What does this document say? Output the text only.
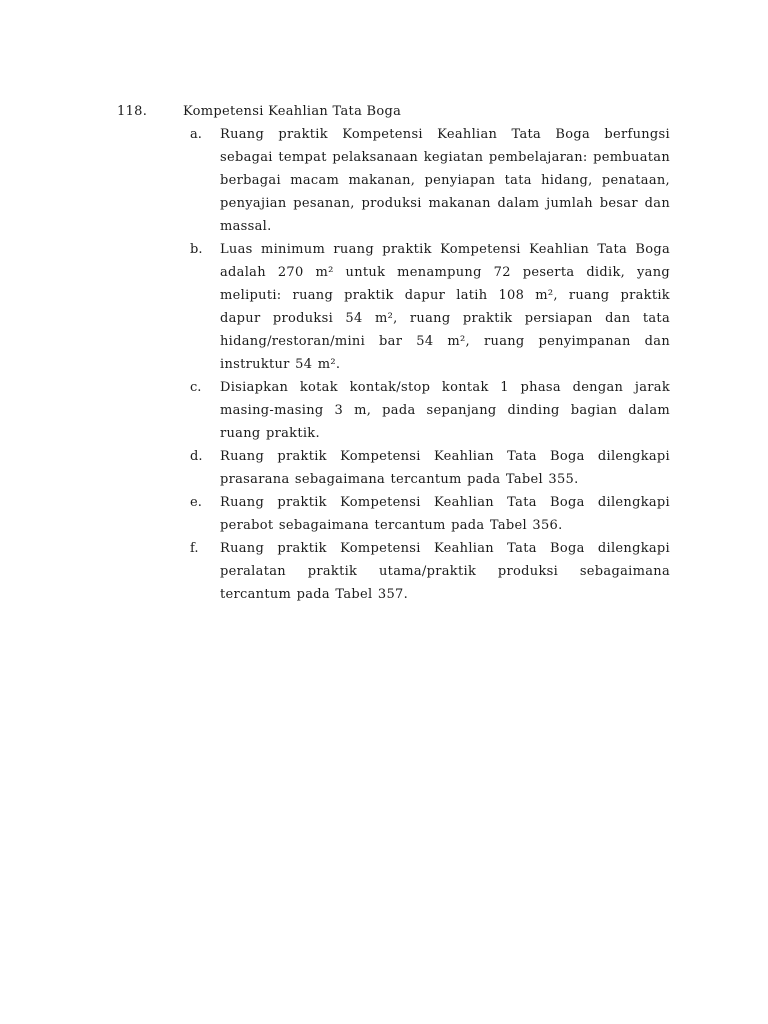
118.	Kompetensi Keahlian Tata Boga
a. Ruang praktik Kompetensi Keahlian Tata Boga berfungsi sebagai tempat pelaksanaan kegiatan pembelajaran: pembuatan berbagai macam makanan, penyiapan tata hidang, penataan, penyajian pesanan, produksi makanan dalam jumlah besar dan massal.
b. Luas minimum ruang praktik Kompetensi Keahlian Tata Boga adalah 270 m² untuk menampung 72 peserta didik, yang meliputi: ruang praktik dapur latih 108 m², ruang praktik dapur produksi 54 m², ruang praktik persiapan dan tata hidang/restoran/mini bar 54 m², ruang penyimpanan dan instruktur 54 m².
c. Disiapkan kotak kontak/stop kontak 1 phasa dengan jarak masing-masing 3 m, pada sepanjang dinding bagian dalam ruang praktik.
d. Ruang praktik Kompetensi Keahlian Tata Boga dilengkapi prasarana sebagaimana tercantum pada Tabel 355.
e. Ruang praktik Kompetensi Keahlian Tata Boga dilengkapi perabot sebagaimana tercantum pada Tabel 356.
f. Ruang praktik Kompetensi Keahlian Tata Boga dilengkapi peralatan praktik utama/praktik produksi sebagaimana tercantum pada Tabel 357.
